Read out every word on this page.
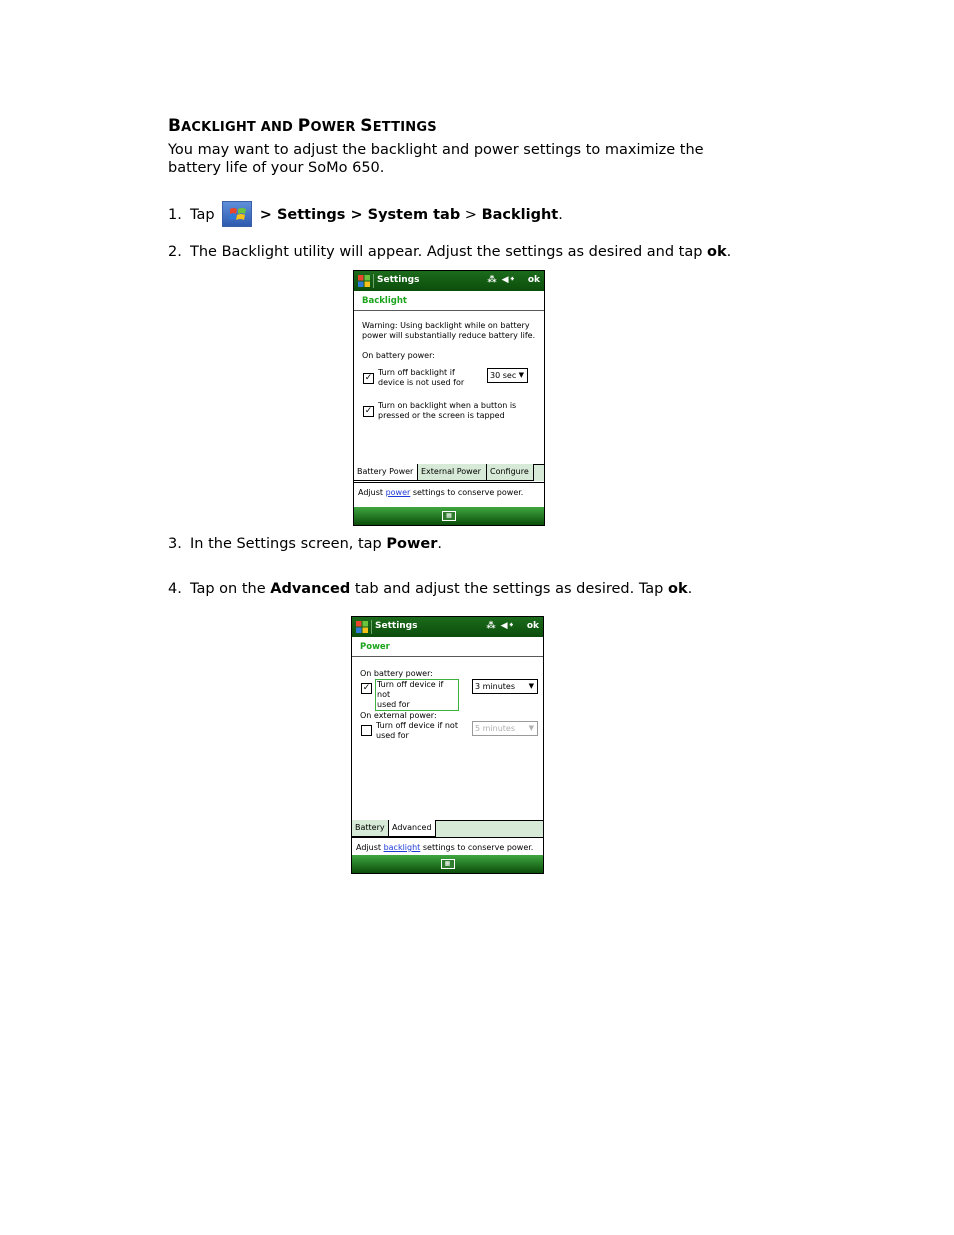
BACKLIGHT AND POWER SETTINGS

You may want to adjust the backlight and power settings to maximize the battery life of your SoMo 650.

1. Tap	> Settings > System tab > Backlight.
2. The Backlight utility will appear. Adjust the settings as desired and tap ok.
Settings	⁂ ◀᛭ ok
Backlight
Warning: Using backlight while on battery
power will substantially reduce battery life.
On battery power:
✓
Turn off backlight if
device is not used for
30 sec ▼
✓
Turn on backlight when a button is
pressed or the screen is tapped
Battery Power External Power	Configure
Adjust power settings to conserve power.
▦
3. In the Settings screen, tap Power.
4. Tap on the Advanced tab and adjust the settings as desired. Tap ok.
Settings	⁂ ◀᛭ ok
Power
On battery power:
✓ Turn off device if not
used for
3 minutes ▼
On external power:
Turn off device if not
used for
5 minutes ▼
Battery Advanced
Adjust backlight settings to conserve power.
▦
